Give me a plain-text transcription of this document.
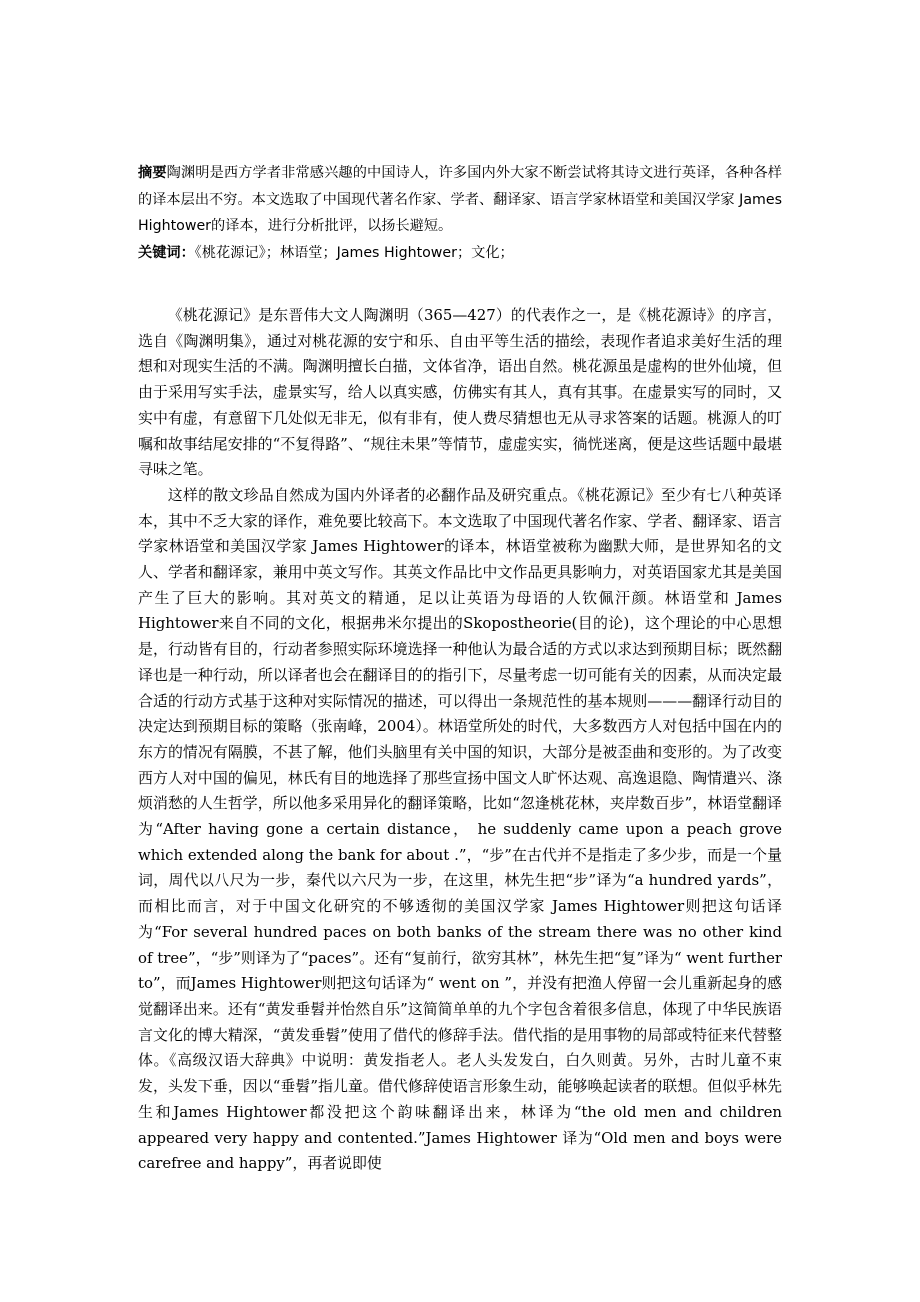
摘要陶渊明是西方学者非常感兴趣的中国诗人，许多国内外大家不断尝试将其诗文进行英译，各种各样的译本层出不穷。本文选取了中国现代著名作家、学者、翻译家、语言学家林语堂和美国汉学家 James Hightower的译本，进行分析批评，以扬长避短。

关键词：《桃花源记》；林语堂；James Hightower；文化；

《桃花源记》是东晋伟大文人陶渊明（365—427）的代表作之一，是《桃花源诗》的序言，选自《陶渊明集》，通过对桃花源的安宁和乐、自由平等生活的描绘，表现作者追求美好生活的理想和对现实生活的不满。陶渊明擅长白描，文体省净，语出自然。桃花源虽是虚构的世外仙境，但由于采用写实手法，虚景实写，给人以真实感，仿佛实有其人，真有其事。在虚景实写的同时，又实中有虚，有意留下几处似无非无，似有非有，使人费尽猜想也无从寻求答案的话题。桃源人的叮嘱和故事结尾安排的“不复得路”、“规往未果”等情节，虚虚实实，徜恍迷离，便是这些话题中最堪寻味之笔。

这样的散文珍品自然成为国内外译者的必翻作品及研究重点。《桃花源记》至少有七八种英译本，其中不乏大家的译作，难免要比较高下。本文选取了中国现代著名作家、学者、翻译家、语言学家林语堂和美国汉学家 James Hightower的译本，林语堂被称为幽默大师，是世界知名的文人、学者和翻译家，兼用中英文写作。其英文作品比中文作品更具影响力，对英语国家尤其是美国产生了巨大的影响。其对英文的精通，足以让英语为母语的人钦佩汗颜。林语堂和 James Hightower来自不同的文化，根据弗米尔提出的Skopostheorie(目的论)，这个理论的中心思想是，行动皆有目的，行动者参照实际环境选择一种他认为最合适的方式以求达到预期目标；既然翻译也是一种行动，所以译者也会在翻译目的的指引下，尽量考虑一切可能有关的因素，从而决定最合适的行动方式基于这种对实际情况的描述，可以得出一条规范性的基本规则———翻译行动目的决定达到预期目标的策略（张南峰，2004）。林语堂所处的时代，大多数西方人对包括中国在内的东方的情况有隔膜，不甚了解，他们头脑里有关中国的知识，大部分是被歪曲和变形的。为了改变西方人对中国的偏见，林氏有目的地选择了那些宣扬中国文人旷怀达观、高逸退隐、陶情遣兴、涤烦消愁的人生哲学，所以他多采用异化的翻译策略，比如“忽逢桃花林，夹岸数百步”，林语堂翻译为“After having gone a certain distance， he suddenly came upon a peach grove which extended along the bank for about .”，“步”在古代并不是指走了多少步，而是一个量词，周代以八尺为一步，秦代以六尺为一步，在这里，林先生把“步”译为“a hundred yards”，而相比而言，对于中国文化研究的不够透彻的美国汉学家 James Hightower则把这句话译为“For several hundred paces on both banks of the stream there was no other kind of tree”，“步”则译为了“paces”。还有“复前行，欲穷其林”，林先生把“复”译为“ went further to”，而James Hightower则把这句话译为“ went on ”，并没有把渔人停留一会儿重新起身的感觉翻译出来。还有“黄发垂髫并怡然自乐”这简简单单的九个字包含着很多信息，体现了中华民族语言文化的博大精深，“黄发垂髫”使用了借代的修辞手法。借代指的是用事物的局部或特征来代替整体。《高级汉语大辞典》中说明：黄发指老人。老人头发发白，白久则黄。另外，古时儿童不束发，头发下垂，因以“垂髫”指儿童。借代修辞使语言形象生动，能够唤起读者的联想。但似乎林先生和James Hightower都没把这个韵味翻译出来，林译为“the old men and children appeared very happy and contented.”James Hightower 译为“Old men and boys were carefree and happy”，再者说即使
